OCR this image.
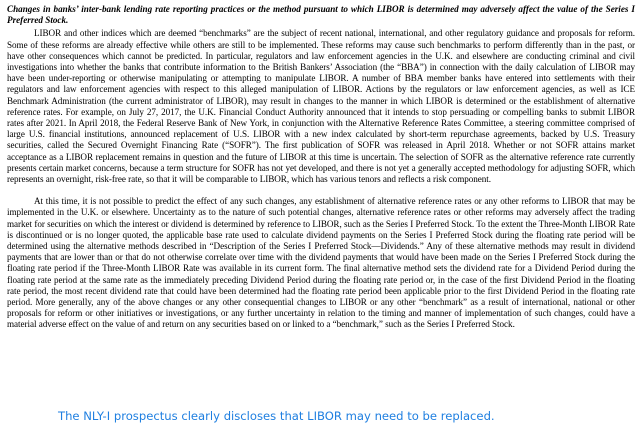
Changes in banks’ inter-bank lending rate reporting practices or the method pursuant to which LIBOR is determined may adversely affect the value of the Series I Preferred Stock.

LIBOR and other indices which are deemed “benchmarks” are the subject of recent national, international, and other regulatory guidance and proposals for reform. Some of these reforms are already effective while others are still to be implemented. These reforms may cause such benchmarks to perform differently than in the past, or have other consequences which cannot be predicted. In particular, regulators and law enforcement agencies in the U.K. and elsewhere are conducting criminal and civil investigations into whether the banks that contribute information to the British Bankers’ Association (the “BBA”) in connection with the daily calculation of LIBOR may have been under-reporting or otherwise manipulating or attempting to manipulate LIBOR. A number of BBA member banks have entered into settlements with their regulators and law enforcement agencies with respect to this alleged manipulation of LIBOR. Actions by the regulators or law enforcement agencies, as well as ICE Benchmark Administration (the current administrator of LIBOR), may result in changes to the manner in which LIBOR is determined or the establishment of alternative reference rates. For example, on July 27, 2017, the U.K. Financial Conduct Authority announced that it intends to stop persuading or compelling banks to submit LIBOR rates after 2021. In April 2018, the Federal Reserve Bank of New York, in conjunction with the Alternative Reference Rates Committee, a steering committee comprised of large U.S. financial institutions, announced replacement of U.S. LIBOR with a new index calculated by short-term repurchase agreements, backed by U.S. Treasury securities, called the Secured Overnight Financing Rate (“SOFR”). The first publication of SOFR was released in April 2018. Whether or not SOFR attains market acceptance as a LIBOR replacement remains in question and the future of LIBOR at this time is uncertain. The selection of SOFR as the alternative reference rate currently presents certain market concerns, because a term structure for SOFR has not yet developed, and there is not yet a generally accepted methodology for adjusting SOFR, which represents an overnight, risk-free rate, so that it will be comparable to LIBOR, which has various tenors and reflects a risk component.

At this time, it is not possible to predict the effect of any such changes, any establishment of alternative reference rates or any other reforms to LIBOR that may be implemented in the U.K. or elsewhere. Uncertainty as to the nature of such potential changes, alternative reference rates or other reforms may adversely affect the trading market for securities on which the interest or dividend is determined by reference to LIBOR, such as the Series I Preferred Stock. To the extent the Three-Month LIBOR Rate is discontinued or is no longer quoted, the applicable base rate used to calculate dividend payments on the Series I Preferred Stock during the floating rate period will be determined using the alternative methods described in “Description of the Series I Preferred Stock—Dividends.” Any of these alternative methods may result in dividend payments that are lower than or that do not otherwise correlate over time with the dividend payments that would have been made on the Series I Preferred Stock during the floating rate period if the Three-Month LIBOR Rate was available in its current form. The final alternative method sets the dividend rate for a Dividend Period during the floating rate period at the same rate as the immediately preceding Dividend Period during the floating rate period or, in the case of the first Dividend Period in the floating rate period, the most recent dividend rate that could have been determined had the floating rate period been applicable prior to the first Dividend Period in the floating rate period. More generally, any of the above changes or any other consequential changes to LIBOR or any other “benchmark” as a result of international, national or other proposals for reform or other initiatives or investigations, or any further uncertainty in relation to the timing and manner of implementation of such changes, could have a material adverse effect on the value of and return on any securities based on or linked to a “benchmark,” such as the Series I Preferred Stock.

The NLY-I prospectus clearly discloses that LIBOR may need to be replaced.
